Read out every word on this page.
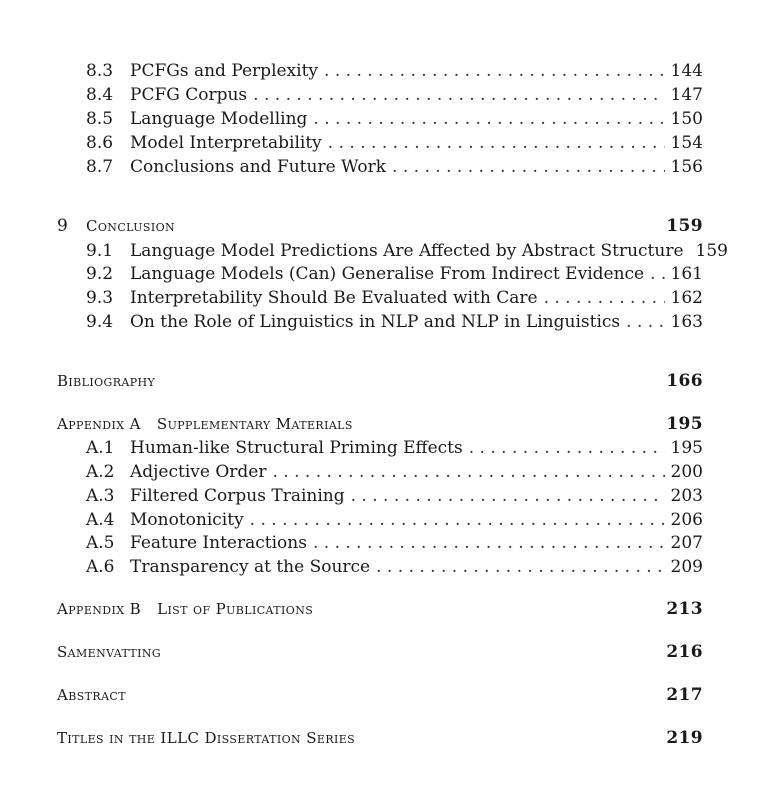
8.3 PCFGs and Perplexity . . .	144
8.4 PCFG Corpus . . .	147
8.5 Language Modelling . . .	150
8.6 Model Interpretability . . .	154
8.7 Conclusions and Future Work . . .	156
9	Conclusion	159
9.1 Language Model Predictions Are Affected by Abstract Structure 159
9.2 Language Models (Can) Generalise From Indirect Evidence . . .	161
9.3 Interpretability Should Be Evaluated with Care . . .	162
9.4 On the Role of Linguistics in NLP and NLP in Linguistics . . .	163
Bibliography	166
Appendix A	Supplementary Materials	195
A.1 Human-like Structural Priming Effects . . .	195
A.2 Adjective Order . . .	200
A.3 Filtered Corpus Training . . .	203
A.4 Monotonicity . . .	206
A.5 Feature Interactions . . .	207
A.6 Transparency at the Source . . .	209
Appendix B	List of Publications	213
Samenvatting	216
Abstract	217
Titles in the ILLC Dissertation Series	219
